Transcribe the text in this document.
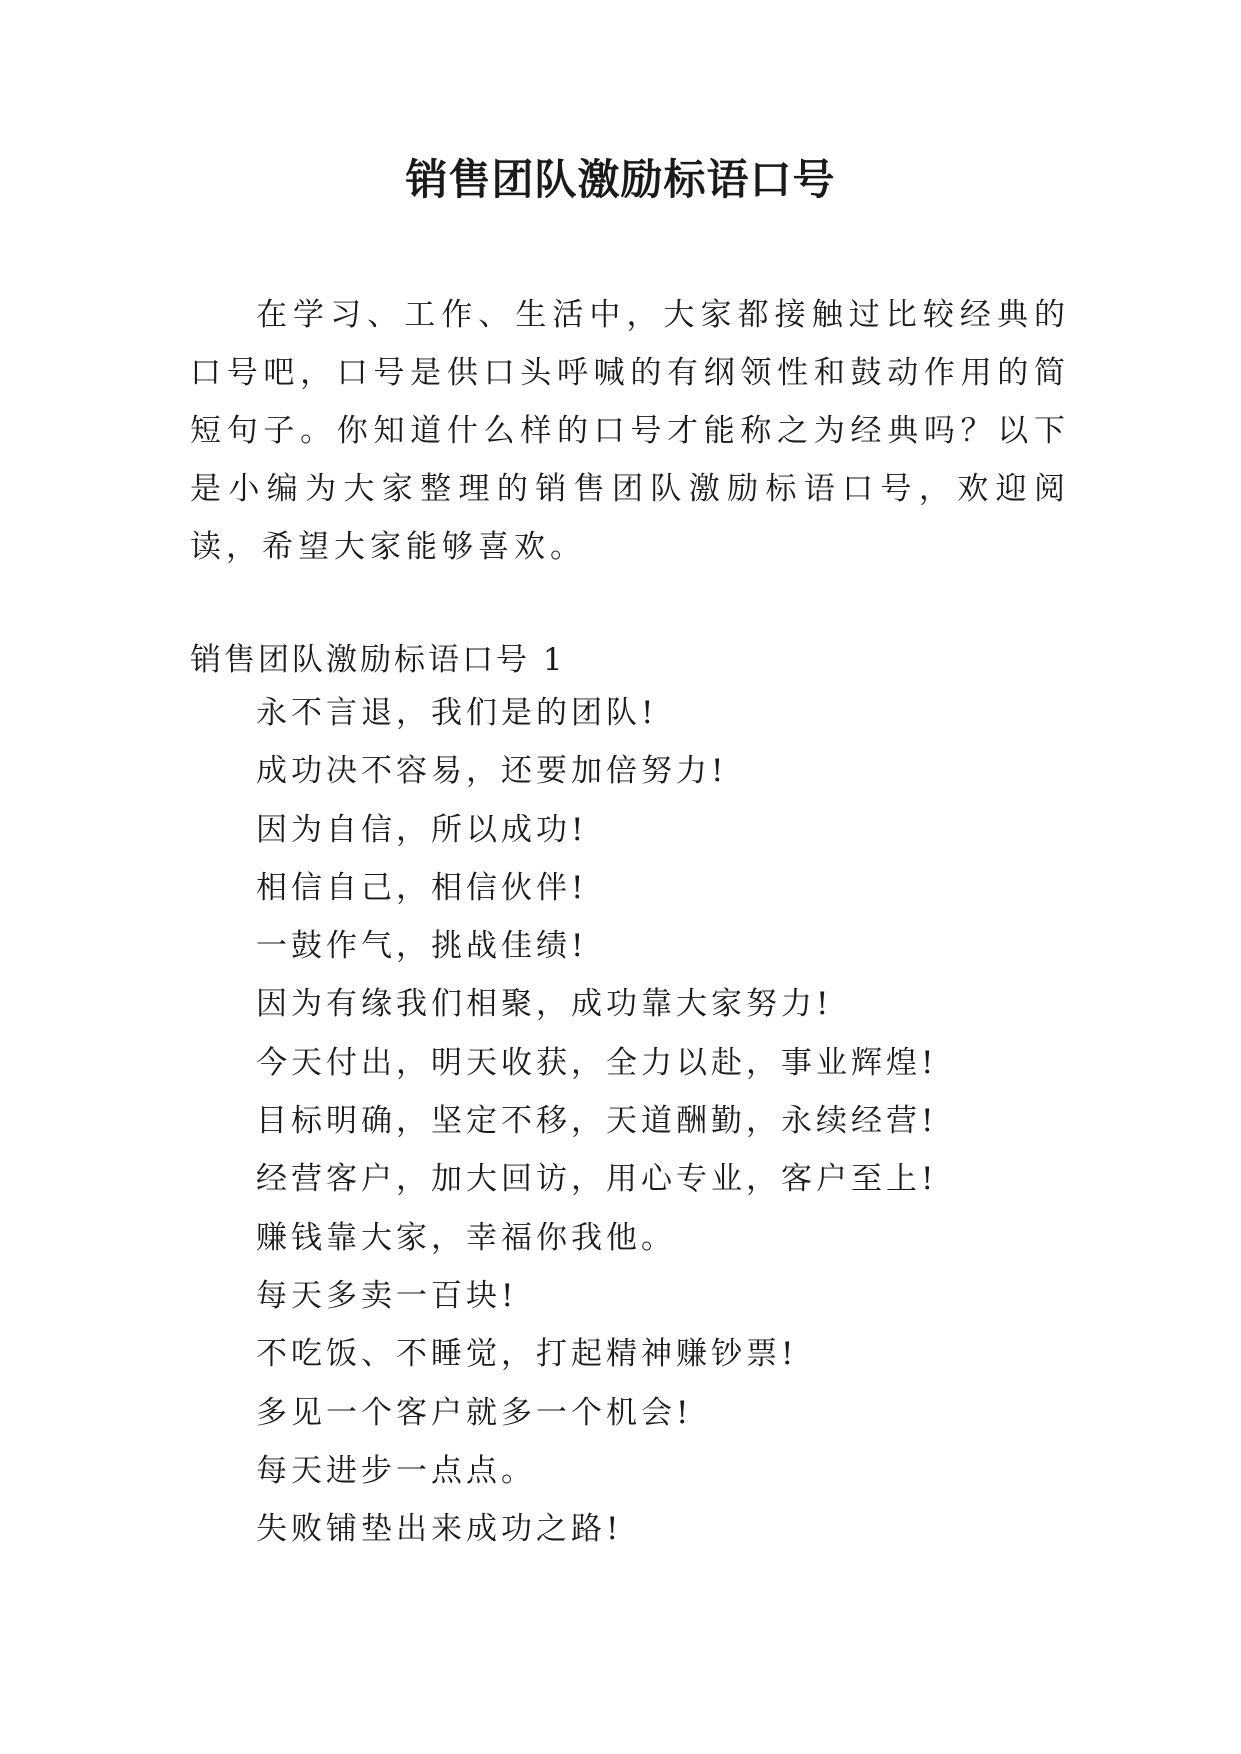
销售团队激励标语口号

在学习、工作、生活中，大家都接触过比较经典的口号吧，口号是供口头呼喊的有纲领性和鼓动作用的简短句子。你知道什么样的口号才能称之为经典吗？以下是小编为大家整理的销售团队激励标语口号，欢迎阅读，希望大家能够喜欢。

销售团队激励标语口号 1
永不言退，我们是的团队!
成功决不容易，还要加倍努力!
因为自信，所以成功!
相信自己，相信伙伴!
一鼓作气，挑战佳绩!
因为有缘我们相聚，成功靠大家努力!
今天付出，明天收获，全力以赴，事业辉煌!
目标明确，坚定不移，天道酬勤，永续经营!
经营客户，加大回访，用心专业，客户至上!
赚钱靠大家，幸福你我他。
每天多卖一百块!
不吃饭、不睡觉，打起精神赚钞票!
多见一个客户就多一个机会!
每天进步一点点。
失败铺垫出来成功之路!
